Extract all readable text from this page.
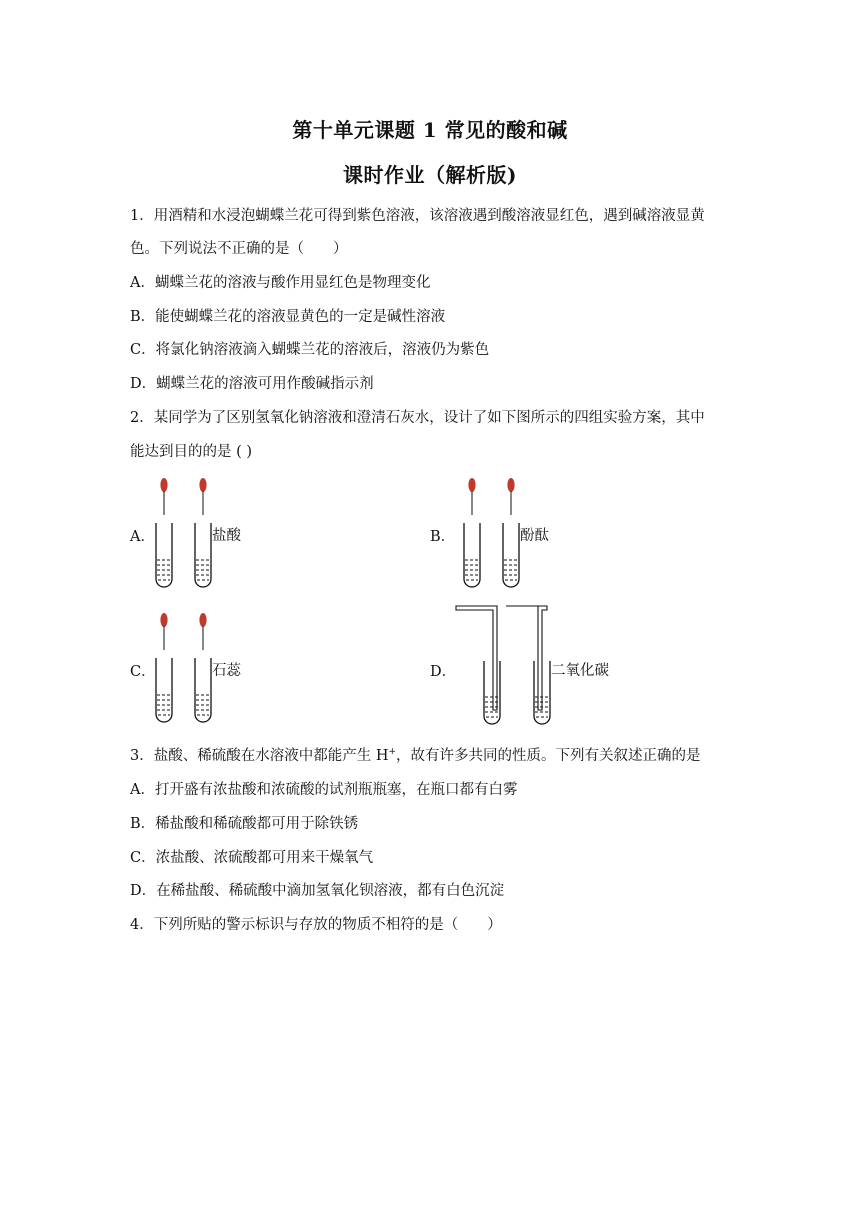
第十单元课题 1 常见的酸和碱
课时作业（解析版)
1．用酒精和水浸泡蝴蝶兰花可得到紫色溶液，该溶液遇到酸溶液显红色，遇到碱溶液显黄
色。下列说法不正确的是（　　）
A．蝴蝶兰花的溶液与酸作用显红色是物理变化
B．能使蝴蝶兰花的溶液显黄色的一定是碱性溶液
C．将氯化钠溶液滴入蝴蝶兰花的溶液后，溶液仍为紫色
D．蝴蝶兰花的溶液可用作酸碱指示剂
2．某同学为了区别氢氧化钠溶液和澄清石灰水，设计了如下图所示的四组实验方案，其中
能达到目的的是 ( )
A．	盐酸	B．	酚酞
C．	石蕊	D．	二氧化碳
3．盐酸、稀硫酸在水溶液中都能产生 H+，故有许多共同的性质。下列有关叙述正确的是
A．打开盛有浓盐酸和浓硫酸的试剂瓶瓶塞，在瓶口都有白雾
B．稀盐酸和稀硫酸都可用于除铁锈
C．浓盐酸、浓硫酸都可用来干燥氧气
D．在稀盐酸、稀硫酸中滴加氢氧化钡溶液，都有白色沉淀
4．下列所贴的警示标识与存放的物质不相符的是（　　）
